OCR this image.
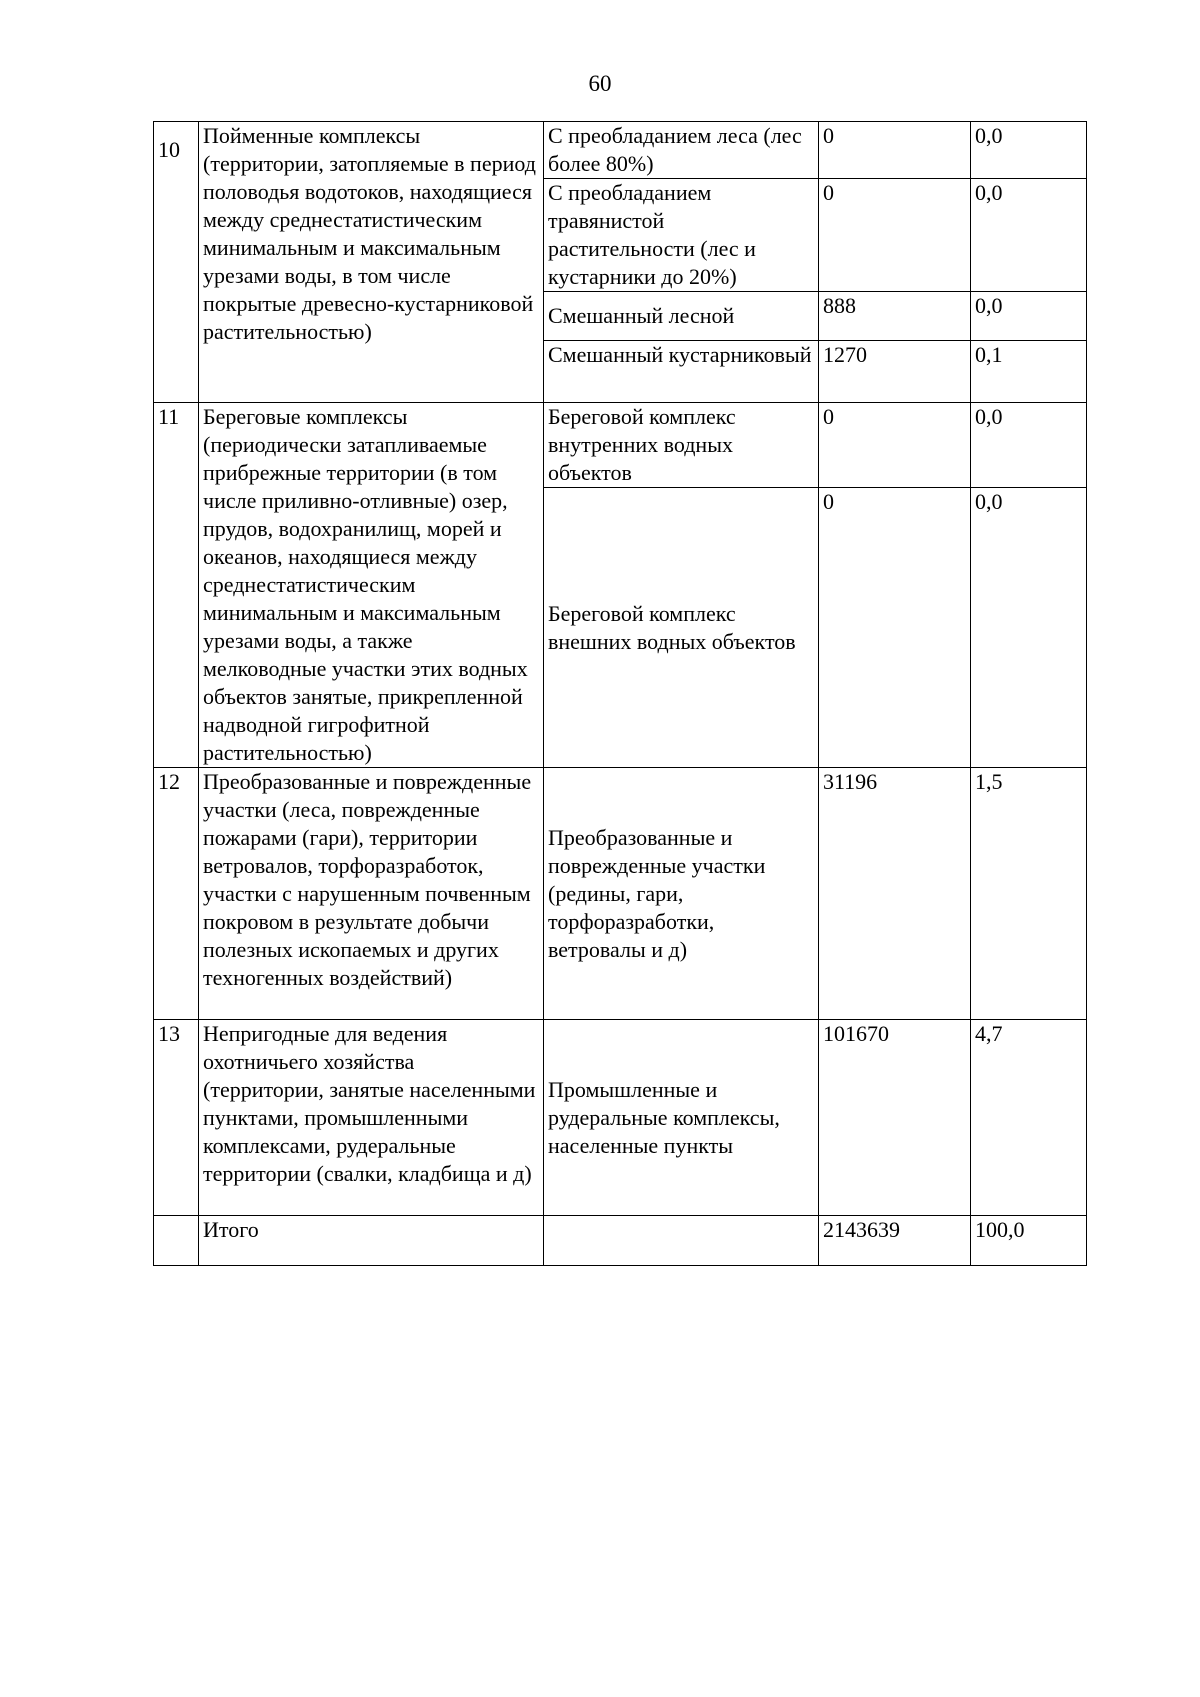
60
10	Пойменные комплексы (территории, затопляемые в период половодья водотоков, находящиеся между среднестатистическим минимальным и максимальным урезами воды, в том числе покрытые древесно-кустарниковой растительностью)	С преобладанием леса (лес более 80%)	0	0,0

		С преобладанием травянистой растительности (лес и кустарники до 20%)	0	0,0

		Смешанный лесной	888	0,0

		Смешанный кустарниковый	1270	0,1
11	Береговые комплексы (периодически затапливаемые прибрежные территории (в том числе приливно-отливные) озер, прудов, водохранилищ, морей и океанов, находящиеся между среднестатистическим минимальным и максимальным урезами воды, а также мелководные участки этих водных объектов занятые, прикрепленной надводной гигрофитной растительностью)	Береговой комплекс внутренних водных объектов	0	0,0

		Береговой комплекс внешних водных объектов	0	0,0
12	Преобразованные и поврежденные участки (леса, поврежденные пожарами (гари), территории ветровалов, торфоразработок, участки с нарушенным почвенным покровом в результате добычи полезных ископаемых и других техногенных воздействий)	Преобразованные и поврежденные участки (редины, гари, торфоразработки, ветровалы и д)	31196	1,5
13	Непригодные для ведения охотничьего хозяйства (территории, занятые населенными пунктами, промышленными комплексами, рудеральные территории (свалки, кладбища и д)	Промышленные и рудеральные комплексы, населенные пункты	101670	4,7
	Итого		2143639	100,0
